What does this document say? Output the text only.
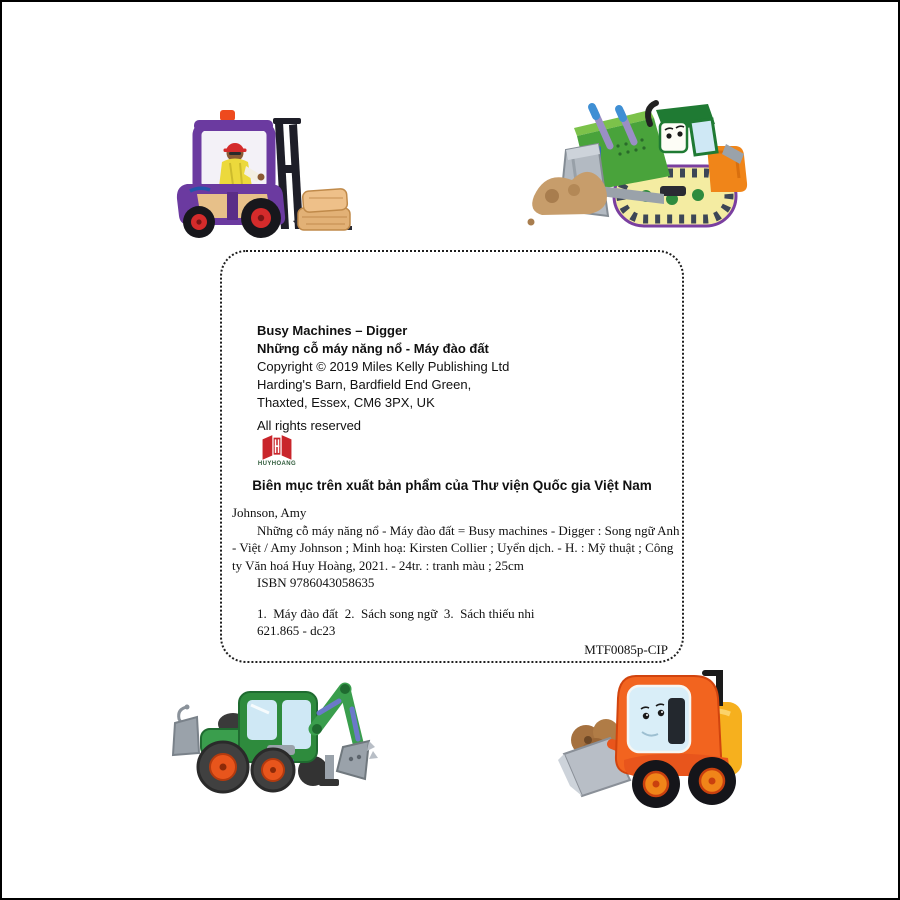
Busy Machines – Digger
Những cỗ máy năng nổ - Máy đào đất
Copyright © 2019 Miles Kelly Publishing Ltd
Harding's Barn, Bardfield End Green,
Thaxted, Essex, CM6 3PX, UK
All rights reserved
HUYHOANG
Biên mục trên xuất bản phẩm của Thư viện Quốc gia Việt Nam
Johnson, Amy
Những cỗ máy năng nổ - Máy đào đất = Busy machines - Digger : Song ngữ Anh - Việt / Amy Johnson ; Minh hoạ: Kirsten Collier ; Uyển dịch. - H. : Mỹ thuật ; Công ty Văn hoá Huy Hoàng, 2021. - 24tr. : tranh màu ; 25cm
ISBN 9786043058635
1.  Máy đào đất  2.  Sách song ngữ  3.  Sách thiếu nhi
621.865 - dc23
MTF0085p-CIP
